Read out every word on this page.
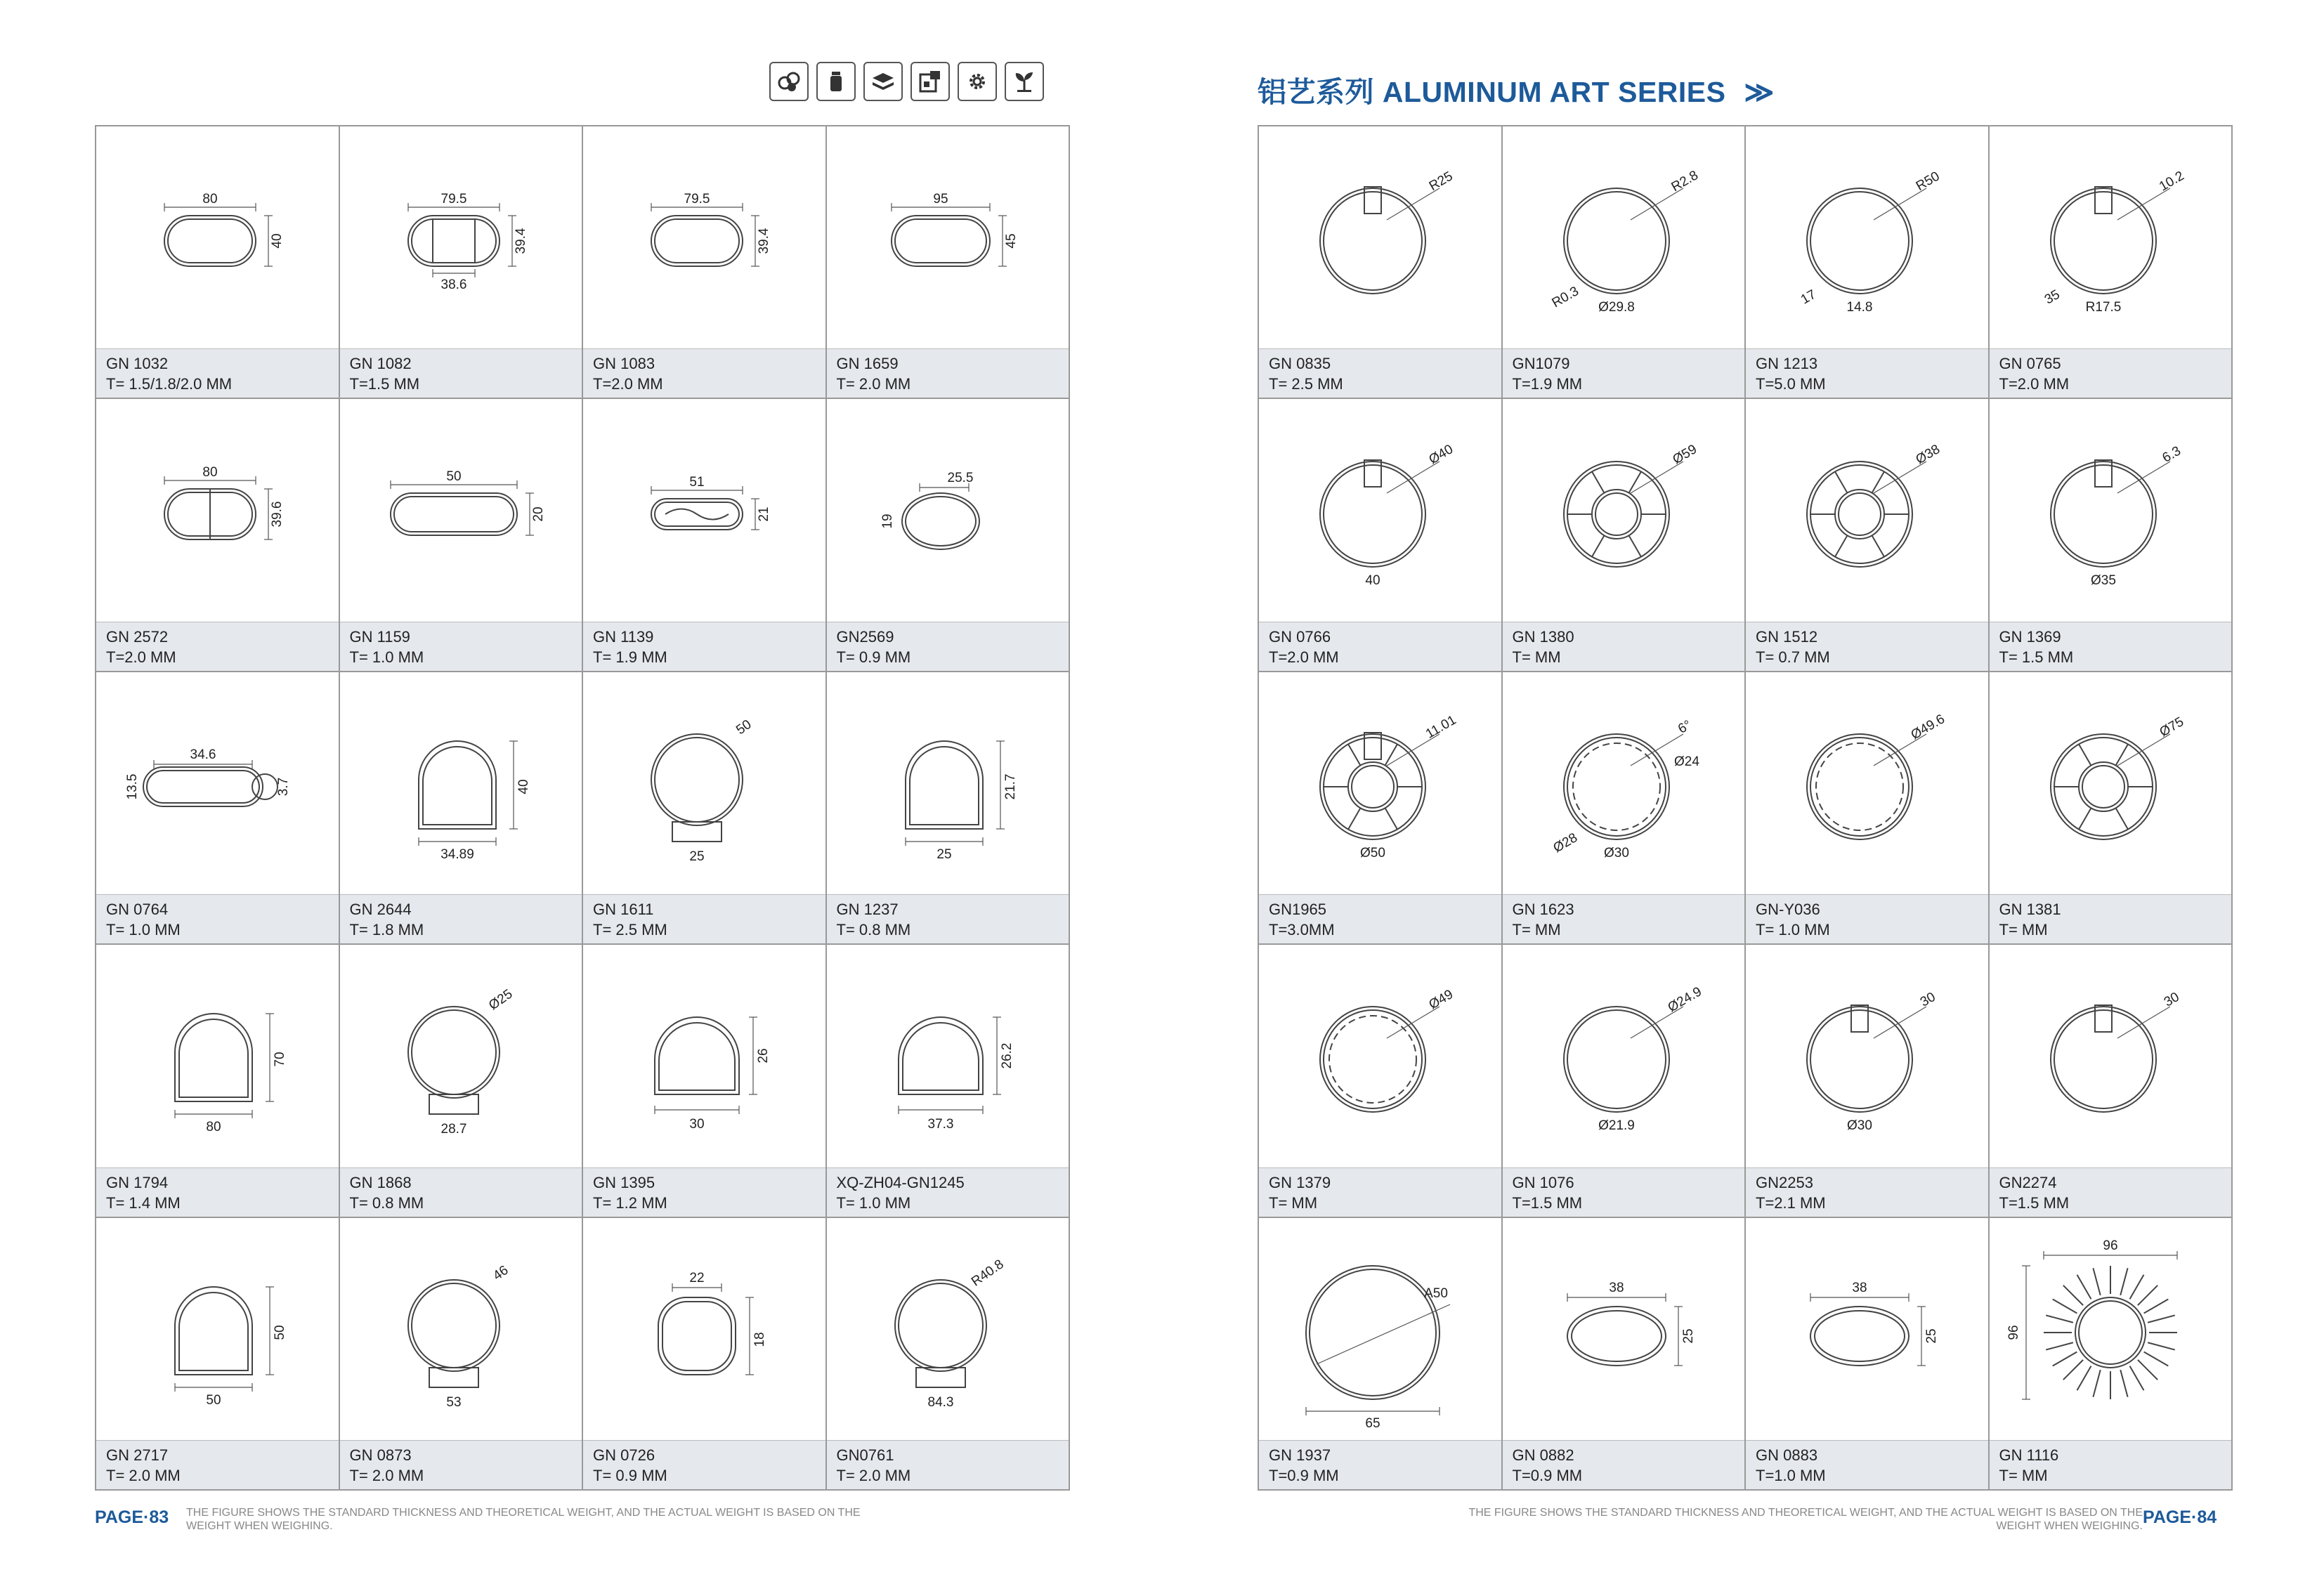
铝艺系列 ALUMINUM ART SERIES ≫
80
40
GN 1032
T= 1.5/1.8/2.0 MM
79.5
39.4
38.6
GN 1082
T=1.5 MM
79.5
39.4
GN 1083
T=2.0 MM
95
45
GN 1659
T= 2.0 MM
80
39.6
GN 2572
T=2.0 MM
50
20
GN 1159
T= 1.0 MM
51
21
GN 1139
T= 1.9 MM
25.5
19
GN2569
T= 0.9 MM
34.6
3.7
13.5
GN 0764
T= 1.0 MM
34.89
40
GN 2644
T= 1.8 MM
50
25
GN 1611
T= 2.5 MM
25
21.7
GN 1237
T= 0.8 MM
80
70
GN 1794
T= 1.4 MM
Ø25
28.7
GN 1868
T= 0.8 MM
26
30
GN 1395
T= 1.2 MM
26.2
37.3
XQ-ZH04-GN1245
T= 1.0 MM
50
50
GN 2717
T= 2.0 MM
46
53
GN 0873
T= 2.0 MM
22
18
GN 0726
T= 0.9 MM
R40.8
84.3
GN0761
T= 2.0 MM
R25
GN 0835
T= 2.5 MM
R2.8
Ø29.8
R0.3
GN1079
T=1.9 MM
R50
14.8
17
GN 1213
T=5.0 MM
10.2
R17.5
35
GN 0765
T=2.0 MM
Ø40
40
GN 0766
T=2.0 MM
Ø59
GN 1380
T= MM
Ø38
GN 1512
T= 0.7 MM
6.3
Ø35
GN 1369
T= 1.5 MM
11.01
Ø50
GN1965
T=3.0MM
6°
Ø30
Ø28
Ø24
GN 1623
T= MM
Ø49.6
GN-Y036
T= 1.0 MM
Ø75
GN 1381
T= MM
Ø49
GN 1379
T= MM
Ø24.9
Ø21.9
GN 1076
T=1.5 MM
30
Ø30
GN2253
T=2.1 MM
30
GN2274
T=1.5 MM
A50
65
GN 1937
T=0.9 MM
38
25
GN 0882
T=0.9 MM
38
25
GN 0883
T=1.0 MM
96
96
GN 1116
T= MM
PAGE·83 THE FIGURE SHOWS THE STANDARD THICKNESS AND THEORETICAL WEIGHT, AND THE ACTUAL WEIGHT IS BASED ON THE WEIGHT WHEN WEIGHING.
THE FIGURE SHOWS THE STANDARD THICKNESS AND THEORETICAL WEIGHT, AND THE ACTUAL WEIGHT IS BASED ON THE WEIGHT WHEN WEIGHING. PAGE·84
